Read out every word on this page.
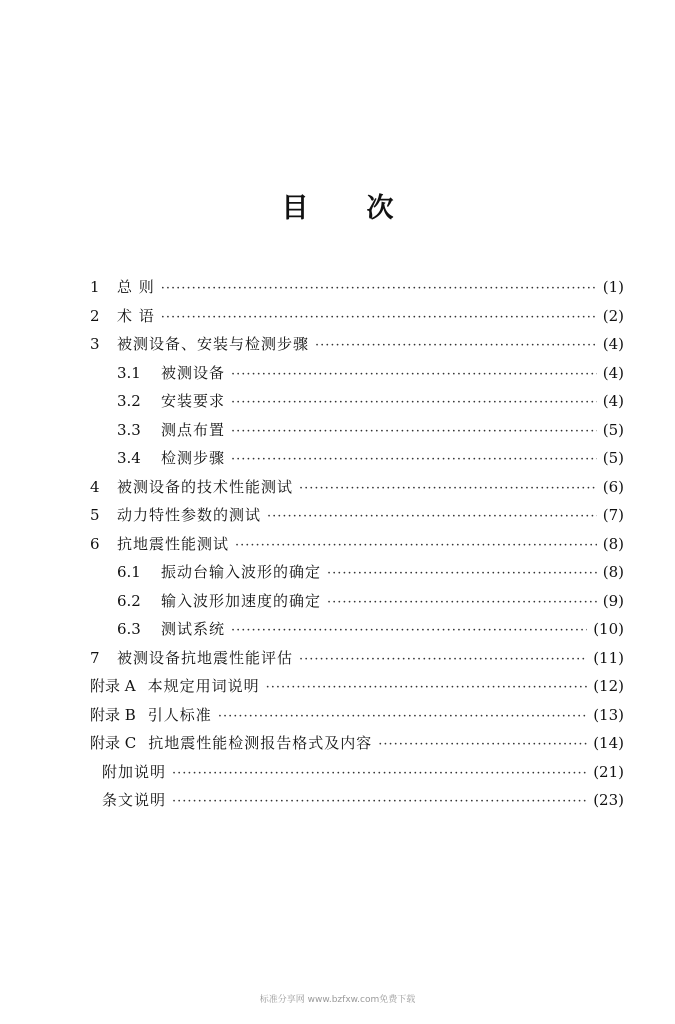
目 次
1	总 则 ·····	(1)
2	术 语 ·····	(2)
3	被测设备、安装与检测步骤 ·····	(4)
3.1	被测设备 ·····	(4)
3.2	安装要求 ·····	(4)
3.3	测点布置 ·····	(5)
3.4	检测步骤 ·····	(5)
4	被测设备的技术性能测试 ·····	(6)
5	动力特性参数的测试 ·····	(7)
6	抗地震性能测试 ·····	(8)
6.1	振动台输入波形的确定 ·····	(8)
6.2	输入波形加速度的确定 ·····	(9)
6.3	测试系统 ·····	(10)
7	被测设备抗地震性能评估 ·····	(11)
附录 A 本规定用词说明 ·····	(12)
附录 B 引人标准 ·····	(13)
附录 C 抗地震性能检测报告格式及内容 ·····	(14)
附加说明 ·····	(21)
条文说明 ·····	(23)
标准分享网 www.bzfxw.com免费下载
